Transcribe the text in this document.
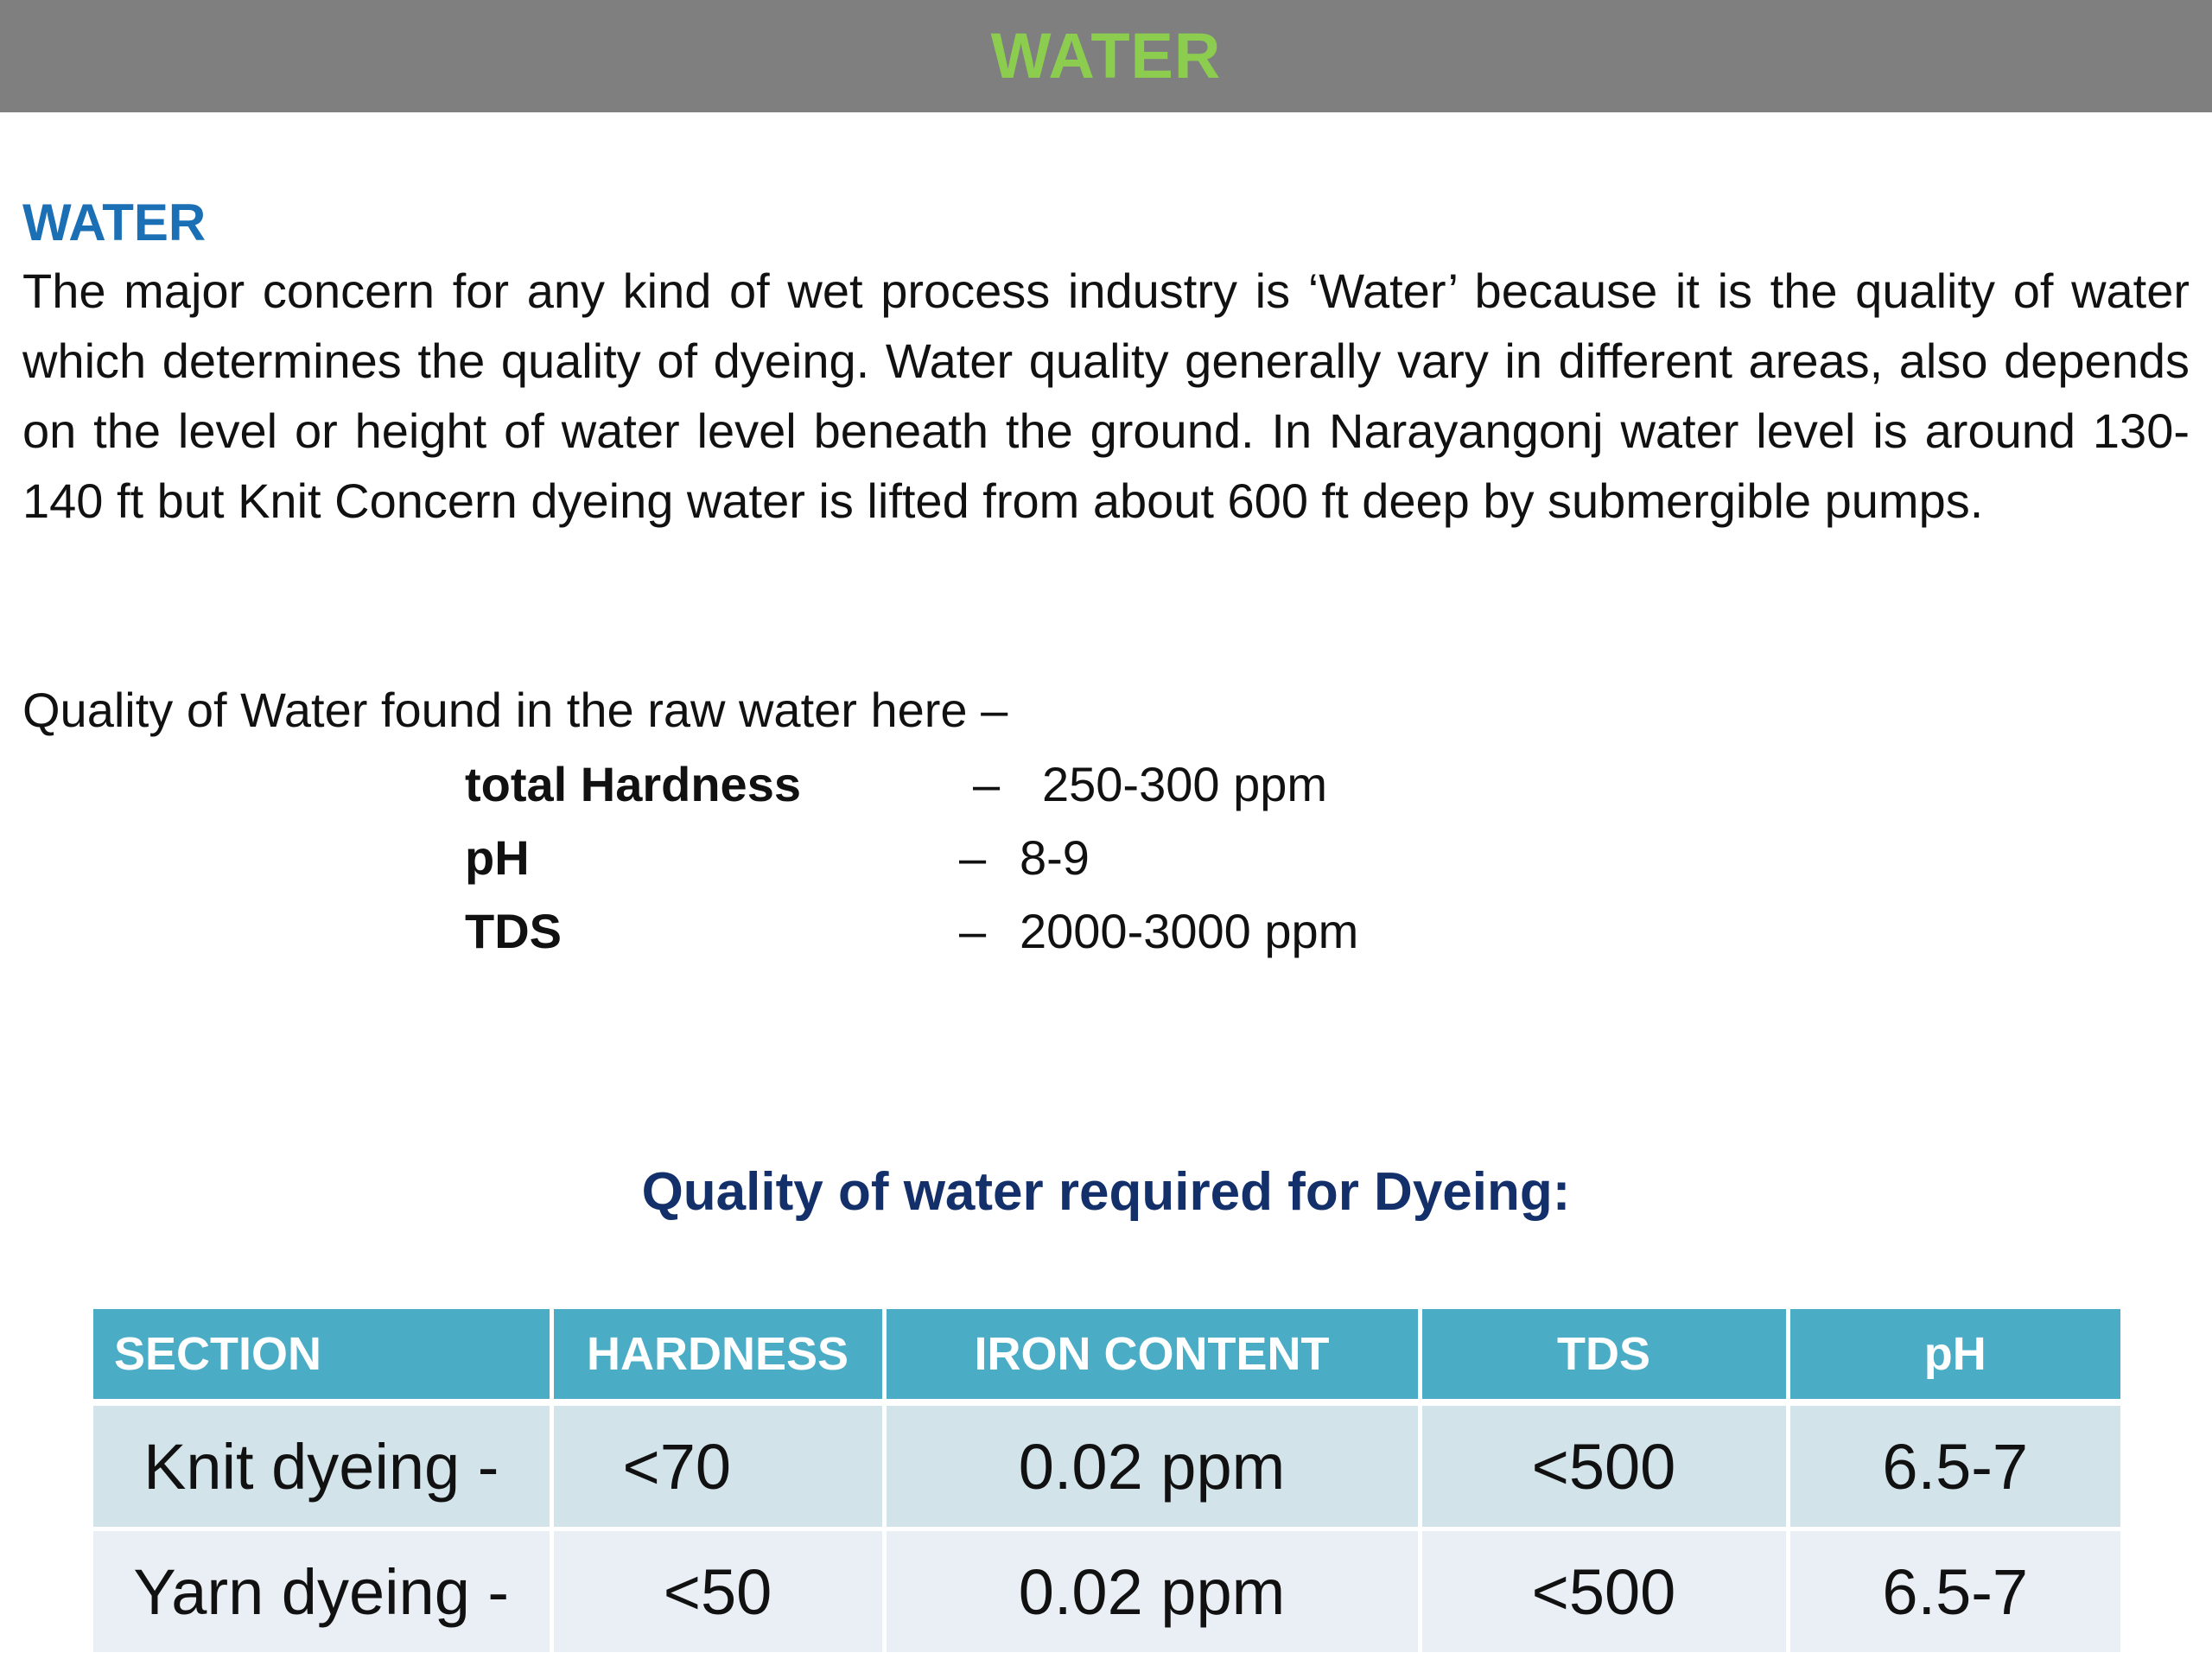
WATER
WATER

The major concern for any kind of wet process industry is ‘Water’ because it is the quality of water which determines the quality of dyeing. Water quality generally vary in different areas, also depends on the level or height of water level beneath the ground. In Narayangonj water level is around 130-140 ft but Knit Concern dyeing water is lifted from about 600 ft deep by submergible pumps.

Quality of Water found in the raw water here –
total Hardness	– 250-300 ppm
pH	– 8-9
TDS	– 2000-3000 ppm
Quality of water required for Dyeing:
SECTION	HARDNESS	IRON CONTENT	TDS	pH
Knit dyeing -	<70	0.02 ppm	<500	6.5-7
Yarn dyeing -	<50	0.02 ppm	<500	6.5-7
